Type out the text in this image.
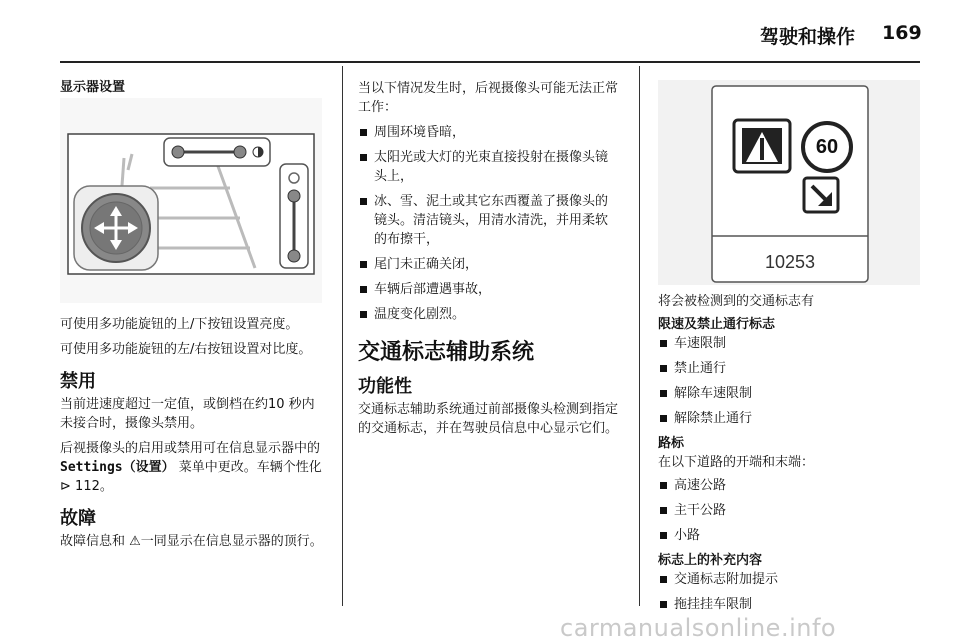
驾驶和操作 169
显示器设置

可使用多功能旋钮的上/下按钮设置亮度。

可使用多功能旋钮的左/右按钮设置对比度。

禁用

当前进速度超过一定值，或倒档在约10 秒内未接合时，摄像头禁用。

后视摄像头的启用或禁用可在信息显示器中的 Settings（设置） 菜单中更改。车辆个性化 ⊳ 112。

故障

故障信息和 ⚠一同显示在信息显示器的顶行。

当以下情况发生时，后视摄像头可能无法正常工作：

周围环境昏暗，
太阳光或大灯的光束直接投射在摄像头镜头上，
冰、雪、泥土或其它东西覆盖了摄像头的镜头。清洁镜头，用清水清洗，并用柔软的布擦干，
尾门未正确关闭，
车辆后部遭遇事故，
温度变化剧烈。
交通标志辅助系统
功能性

交通标志辅助系统通过前部摄像头检测到指定的交通标志，并在驾驶员信息中心显示它们。

60
10253

将会被检测到的交通标志有

限速及禁止通行标志
车速限制
禁止通行
解除车速限制
解除禁止通行
路标

在以下道路的开端和末端：

高速公路
主干公路
小路
标志上的补充内容
交通标志附加提示
拖挂挂车限制
carmanualsonline.info
